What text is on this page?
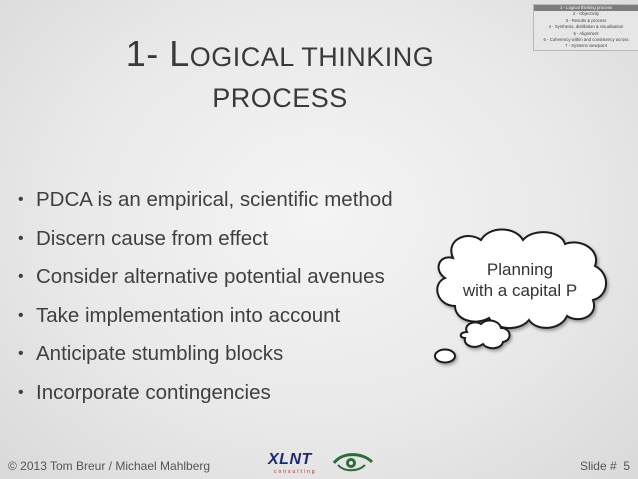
1- LOGICAL THINKING
PROCESS
1 - Logical thinking process
2 - Objectivity
3 - Results & process
4 - Synthesis, distillation & visualisation
5 - Alignment
6 - Coherency within and consistency across
7 - Systems viewpoint
• PDCA is an empirical, scientific method
• Discern cause from effect
• Consider alternative potential avenues
• Take implementation into account
• Anticipate stumbling blocks
• Incorporate contingencies
Planning
with a capital P
© 2013 Tom Breur / Michael Mahlberg	XLNT
consulting	Slide # 5
